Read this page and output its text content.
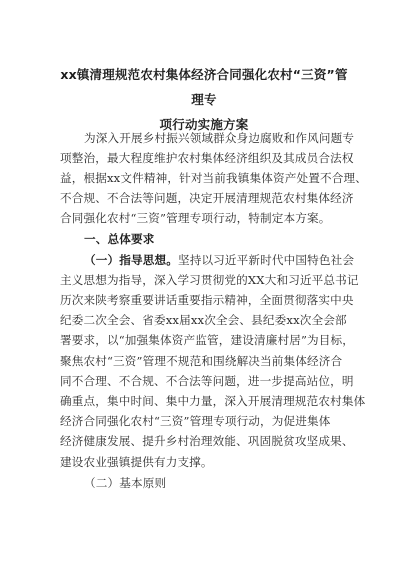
xx镇清理规范农村集体经济合同强化农村“三资”管理专
项行动实施方案
为深入开展乡村振兴领域群众身边腐败和作风问题专
项整治，最大程度维护农村集体经济组织及其成员合法权
益，根据xx文件精神，针对当前我镇集体资产处置不合理、
不合规、不合法等问题，决定开展清理规范农村集体经济
合同强化农村“三资”管理专项行动，特制定本方案。
一、总体要求
（一）指导思想。坚持以习近平新时代中国特色社会
主义思想为指导，深入学习贯彻党的XX大和习近平总书记
历次来陕考察重要讲话重要指示精神，全面贯彻落实中央
纪委二次全会、省委xx届xx次全会、县纪委xx次全会部
署要求，以“加强集体资产监管，建设清廉村居”为目标，
聚焦农村“三资”管理不规范和围绕解决当前集体经济合
同不合理、不合规、不合法等问题，进一步提高站位，明
确重点，集中时间、集中力量，深入开展清理规范农村集体
经济合同强化农村“三资”管理专项行动，为促进集体
经济健康发展、提升乡村治理效能、巩固脱贫攻坚成果、
建设农业强镇提供有力支撑。
（二）基本原则
